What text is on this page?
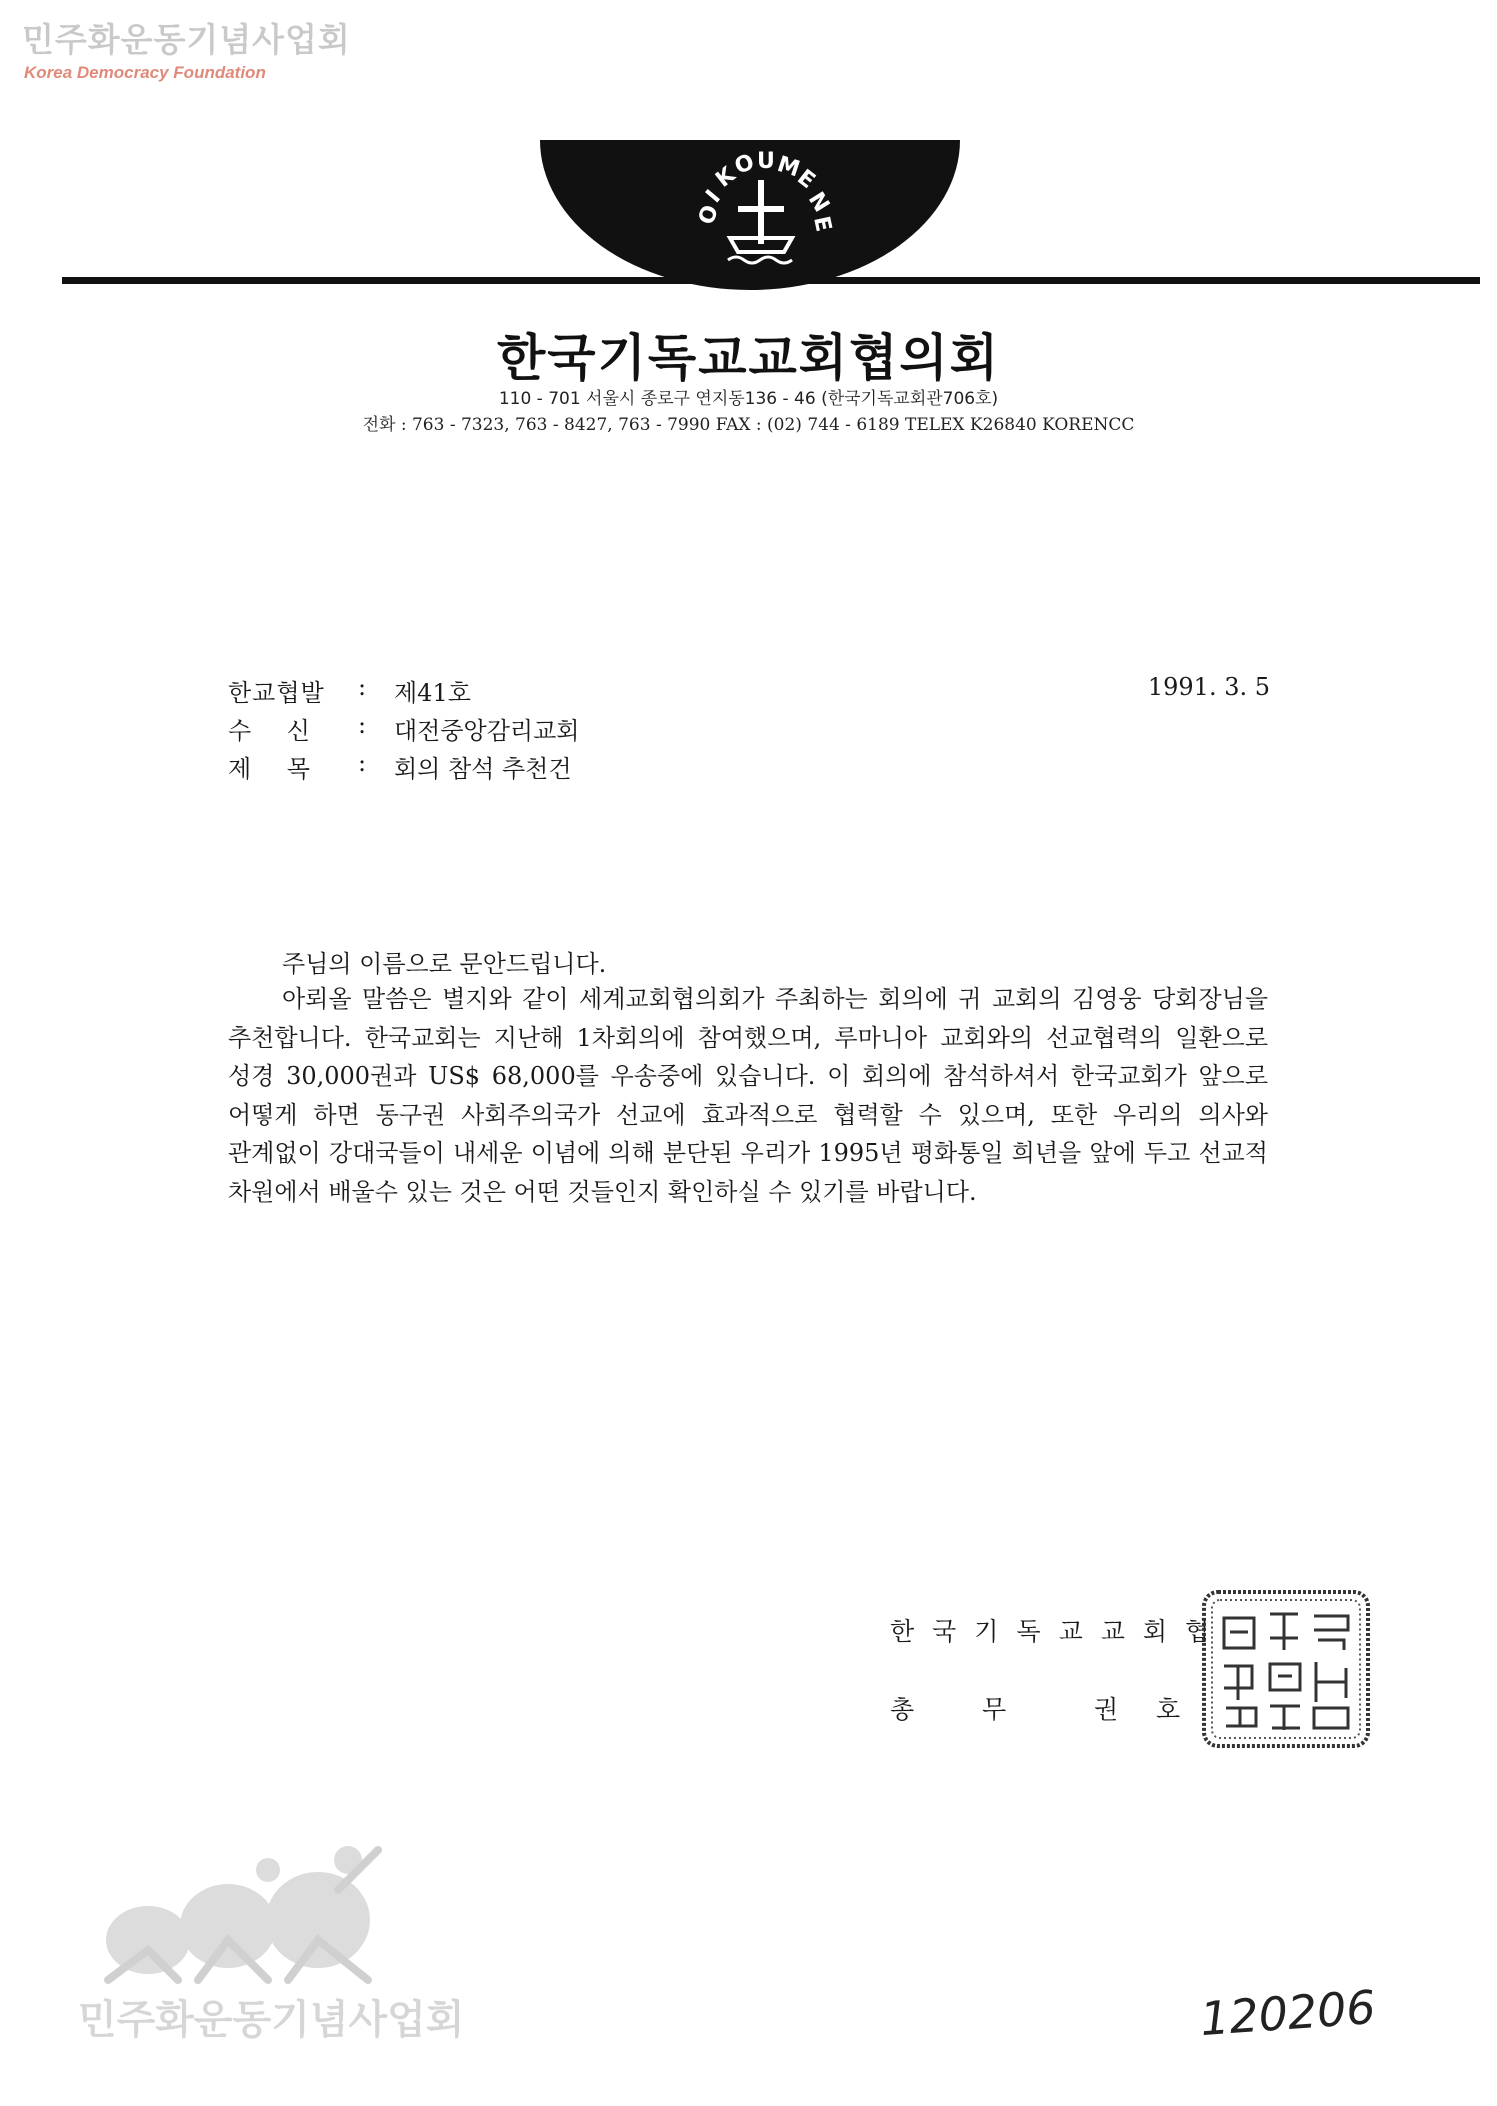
민주화운동기념사업회
Korea Democracy Foundation
O
I
K
O U M
E
N
E
한국기독교교회협의회
110 - 701 서울시 종로구 연지동136 - 46 (한국기독교회관706호)
전화 : 763 - 7323, 763 - 8427, 763 - 7990 FAX : (02) 744 - 6189 TELEX K26840 KORENCC
한교협발	:	제41호
수    신	:	대전중앙감리교회
제    목	:	회의 참석 추천건
1991. 3. 5
주님의 이름으로 문안드립니다.
아뢰올 말씀은 별지와 같이 세계교회협의회가 주최하는 회의에 귀 교회의 김영웅 당회장님을 추천합니다. 한국교회는 지난해 1차회의에 참여했으며, 루마니아 교회와의 선교협력의 일환으로 성경 30,000권과 US$ 68,000를 우송중에 있습니다. 이 회의에 참석하셔서 한국교회가 앞으로 어떻게 하면 동구권 사회주의국가 선교에 효과적으로 협력할 수 있으며, 또한 우리의 의사와 관계없이 강대국들이 내세운 이념에 의해 분단된 우리가 1995년 평화통일 희년을 앞에 두고 선교적 차원에서 배울수 있는 것은 어떤 것들인지 확인하실 수 있기를 바랍니다.
한국기독교교회협
총	무	권	호
민주화운동기념사업회	120206
